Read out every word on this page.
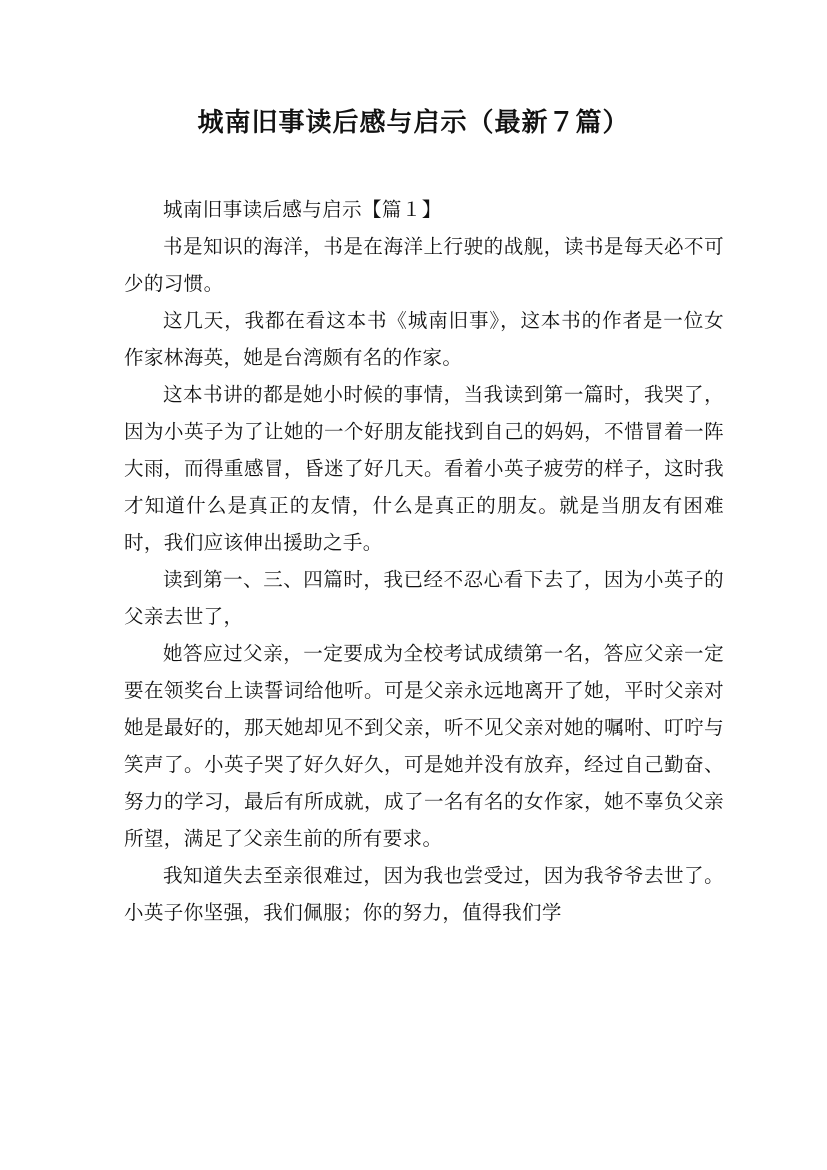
城南旧事读后感与启示（最新７篇）

城南旧事读后感与启示【篇１】

书是知识的海洋，书是在海洋上行驶的战舰，读书是每天必不可少的习惯。

这几天，我都在看这本书《城南旧事》，这本书的作者是一位女作家林海英，她是台湾颇有名的作家。

这本书讲的都是她小时候的事情，当我读到第一篇时，我哭了，因为小英子为了让她的一个好朋友能找到自己的妈妈，不惜冒着一阵大雨，而得重感冒，昏迷了好几天。看着小英子疲劳的样子，这时我才知道什么是真正的友情，什么是真正的朋友。就是当朋友有困难时，我们应该伸出援助之手。

读到第一、三、四篇时，我已经不忍心看下去了，因为小英子的父亲去世了，

她答应过父亲，一定要成为全校考试成绩第一名，答应父亲一定要在领奖台上读誓词给他听。可是父亲永远地离开了她，平时父亲对她是最好的，那天她却见不到父亲，听不见父亲对她的嘱咐、叮咛与笑声了。小英子哭了好久好久，可是她并没有放弃，经过自己勤奋、努力的学习，最后有所成就，成了一名有名的女作家，她不辜负父亲所望，满足了父亲生前的所有要求。

我知道失去至亲很难过，因为我也尝受过，因为我爷爷去世了。小英子你坚强，我们佩服；你的努力，值得我们学
